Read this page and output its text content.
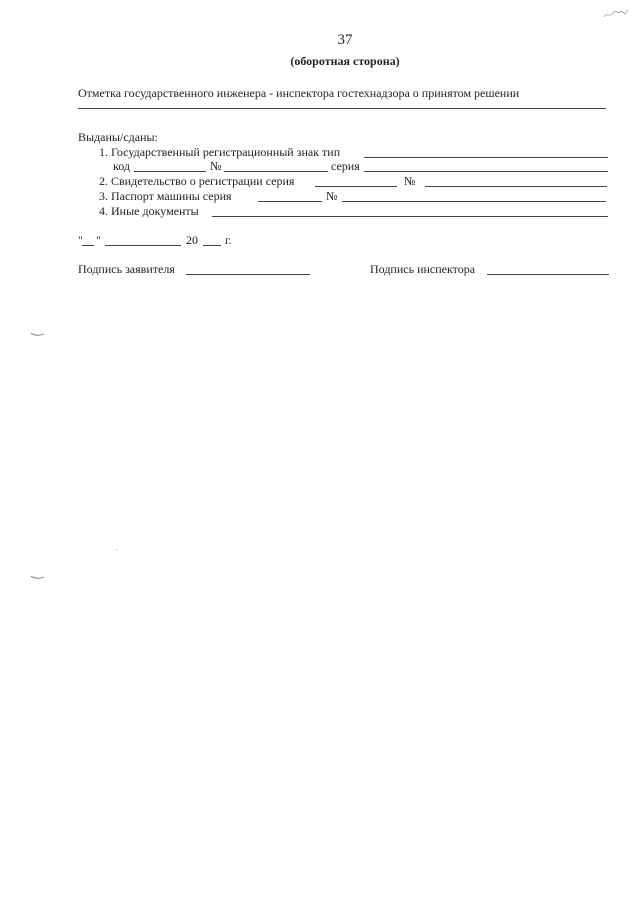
37
(оборотная сторона)
Отметка государственного инженера - инспектора гостехнадзора о принятом решении
Выданы/сданы:
1. Государственный регистрационный знак тип
код	№	серия
2. Свидетельство о регистрации серия	№
3. Паспорт машины серия	№
4. Иные документы
" "	20 г.
Подпись заявителя	Подпись инспектора
